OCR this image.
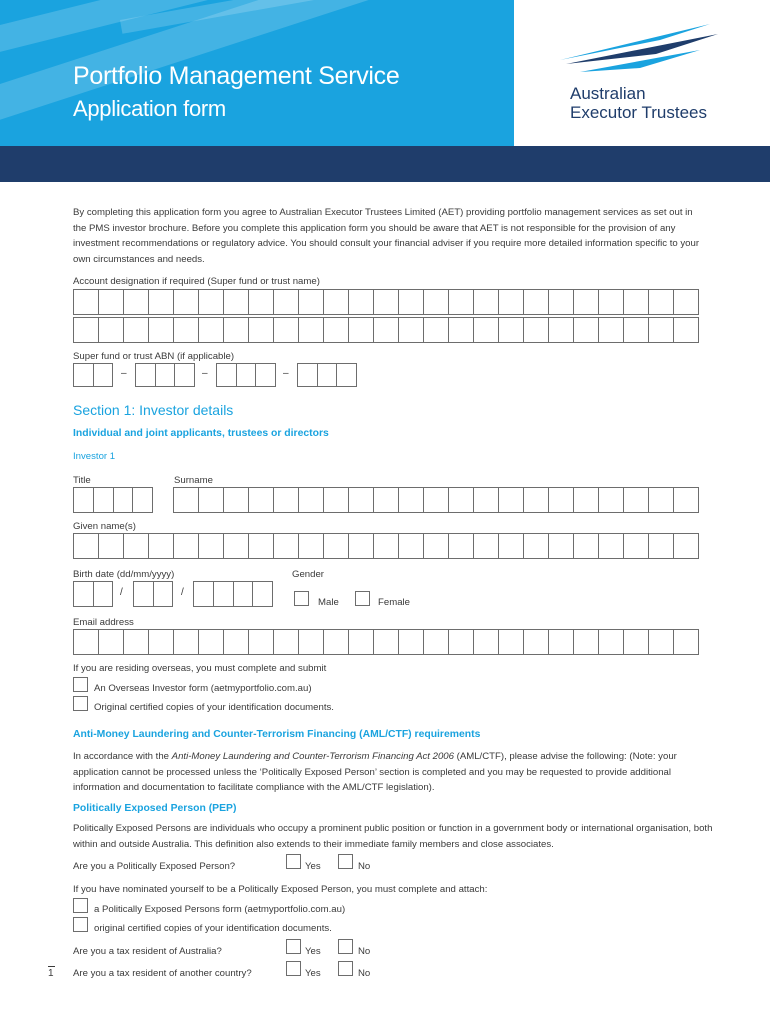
Portfolio Management Service
Application form
Australian
Executor Trustees
By completing this application form you agree to Australian Executor Trustees Limited (AET) providing portfolio management services as set out in the PMS investor brochure. Before you complete this application form you should be aware that AET is not responsible for the provision of any investment recommendations or regulatory advice. You should consult your financial adviser if you require more detailed information specific to your own circumstances and needs.
Account designation if required (Super fund or trust name)
Super fund or trust ABN (if applicable)
–	–	–
Section 1: Investor details
Individual and joint applicants, trustees or directors
Investor 1
Title	Surname
Given name(s)
Birth date (dd/mm/yyyy)	Gender
/	/
Male	Female
Email address
If you are residing overseas, you must complete and submit
An Overseas Investor form (aetmyportfolio.com.au)
Original certified copies of your identification documents.
Anti-Money Laundering and Counter-Terrorism Financing (AML/CTF) requirements
In accordance with the Anti-Money Laundering and Counter-Terrorism Financing Act 2006 (AML/CTF), please advise the following: (Note: your application cannot be processed unless the ‘Politically Exposed Person’ section is completed and you may be requested to provide additional information and documentation to facilitate compliance with the AML/CTF legislation).
Politically Exposed Person (PEP)
Politically Exposed Persons are individuals who occupy a prominent public position or function in a government body or international organisation, both within and outside Australia. This definition also extends to their immediate family members and close associates.
Are you a Politically Exposed Person?	Yes	No
If you have nominated yourself to be a Politically Exposed Person, you must complete and attach:
a Politically Exposed Persons form (aetmyportfolio.com.au)
original certified copies of your identification documents.
Are you a tax resident of Australia?	Yes	No
Are you a tax resident of another country?	Yes	No
1
